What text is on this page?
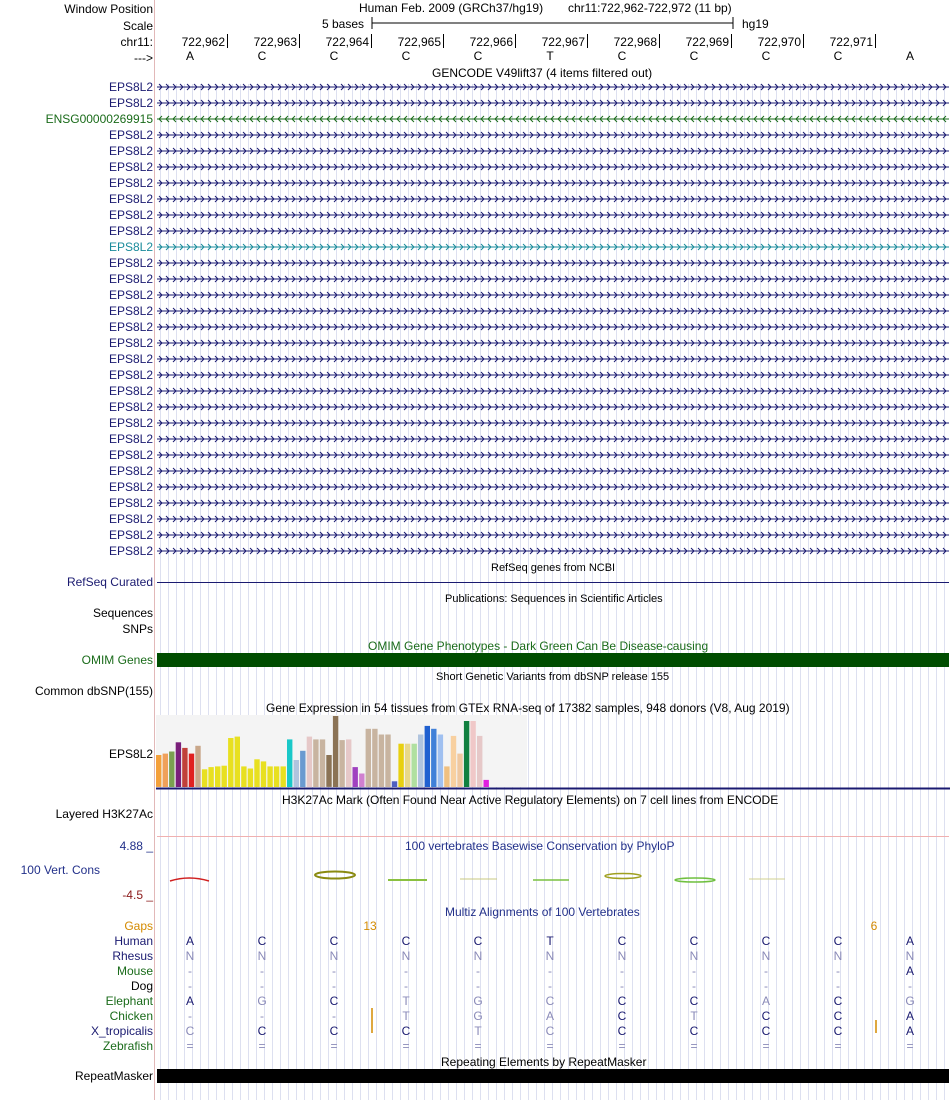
Window Position	Human Feb. 2009 (GRCh37/hg19) chr11:722,962-722,972 (11 bp)
Scale	5 bases	hg19
chr11:
--->
722,962 722,963 722,964 722,965 722,966 722,967 722,968 722,969 722,970 722,971
A	C	C	C	C	T	C	C	C	C	A
GENCODE V49lift37 (4 items filtered out)
EPS8L2
EPS8L2
ENSG00000269915
EPS8L2
EPS8L2
EPS8L2
EPS8L2
EPS8L2
EPS8L2
EPS8L2
EPS8L2
EPS8L2
EPS8L2
EPS8L2
EPS8L2
EPS8L2
EPS8L2
EPS8L2
EPS8L2
EPS8L2
EPS8L2
EPS8L2
EPS8L2
EPS8L2
EPS8L2
EPS8L2
EPS8L2
EPS8L2
EPS8L2
EPS8L2
RefSeq genes from NCBI
RefSeq Curated
Publications: Sequences in Scientific Articles
Sequences
SNPs
OMIM Gene Phenotypes - Dark Green Can Be Disease-causing
OMIM Genes
Short Genetic Variants from dbSNP release 155
Common dbSNP(155)
Gene Expression in 54 tissues from GTEx RNA-seq of 17382 samples, 948 donors (V8, Aug 2019)
EPS8L2
H3K27Ac Mark (Often Found Near Active Regulatory Elements) on 7 cell lines from ENCODE
Layered H3K27Ac
100 vertebrates Basewise Conservation by PhyloP
4.88 _
100 Vert. Cons
-4.5 _
Multiz Alignments of 100 Vertebrates
Gaps	13	6
Human	A	C	C	C	C	T	C	C	C	C	A
Rhesus	N	N	N	N	N	N	N	N	N	N	N
Mouse	-	-	-	-	-	-	-	-	-	-	A
Dog	-	-	-	-	-	-	-	-	-	-	-
Elephant	A	G	C	T	G	C	C	C	A	C	G
Chicken	-	-	-	T	G	A	C	T	C	C	A
X_tropicalis	C	C	C	C	T	C	C	C	C	C	A
Zebrafish	=	=	=	=	=	=	=	=	=	=	=
Repeating Elements by RepeatMasker
RepeatMasker
